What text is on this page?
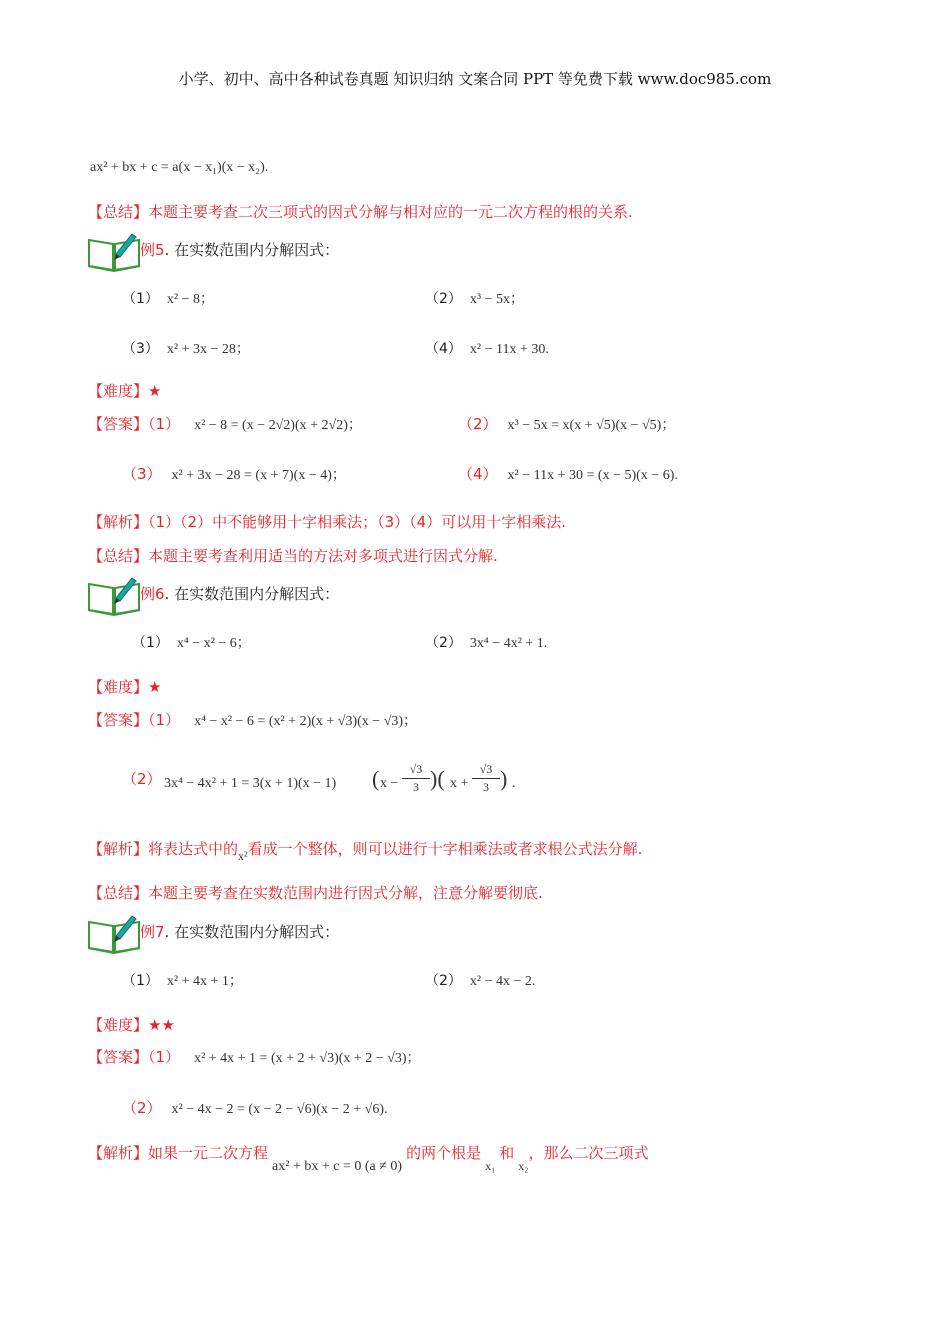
小学、初中、高中各种试卷真题 知识归纳 文案合同 PPT 等免费下载 www.doc985.com
ax² + bx + c = a(x − x₁)(x − x₂).
【总结】本题主要考查二次三项式的因式分解与相对应的一元二次方程的根的关系.
例5. 在实数范围内分解因式：
（1） x² − 8；	（2） x³ − 5x；
（3） x² + 3x − 28；	（4） x² − 11x + 30.
【难度】★
【答案】（1） x² − 8 = (x − 2√2)(x + 2√2)；	（2） x³ − 5x = x(x + √5)(x − √5)；
（3） x² + 3x − 28 = (x + 7)(x − 4)；	（4） x² − 11x + 30 = (x − 5)(x − 6).
【解析】（1）（2）中不能够用十字相乘法；（3）（4）可以用十字相乘法.
【总结】本题主要考查利用适当的方法对多项式进行因式分解.
例6. 在实数范围内分解因式：
（1） x⁴ − x² − 6；	（2） 3x⁴ − 4x² + 1.
【难度】★
【答案】（1） x⁴ − x² − 6 = (x² + 2)(x + √3)(x − √3)；
（2） 3x⁴ − 4x² + 1 = 3(x + 1)(x − 1) ( x −
√3
3 )( x +
√3
3 ) .
【解析】将表达式中的$_{x^2}$看成一个整体，则可以进行十字相乘法或者求根公式法分解.
【总结】本题主要考查在实数范围内进行因式分解，注意分解要彻底.
例7. 在实数范围内分解因式：
（1） x² + 4x + 1；	（2） x² − 4x − 2.
【难度】★★
【答案】（1） x² + 4x + 1 = (x + 2 + √3)(x + 2 − √3)；
（2） x² − 4x − 2 = (x − 2 − √6)(x − 2 + √6).
【解析】如果一元二次方程ax² + bx + c = 0 (a ≠ 0)的两个根是$_{x_1}$和$_{x_2}$，那么二次三项式
